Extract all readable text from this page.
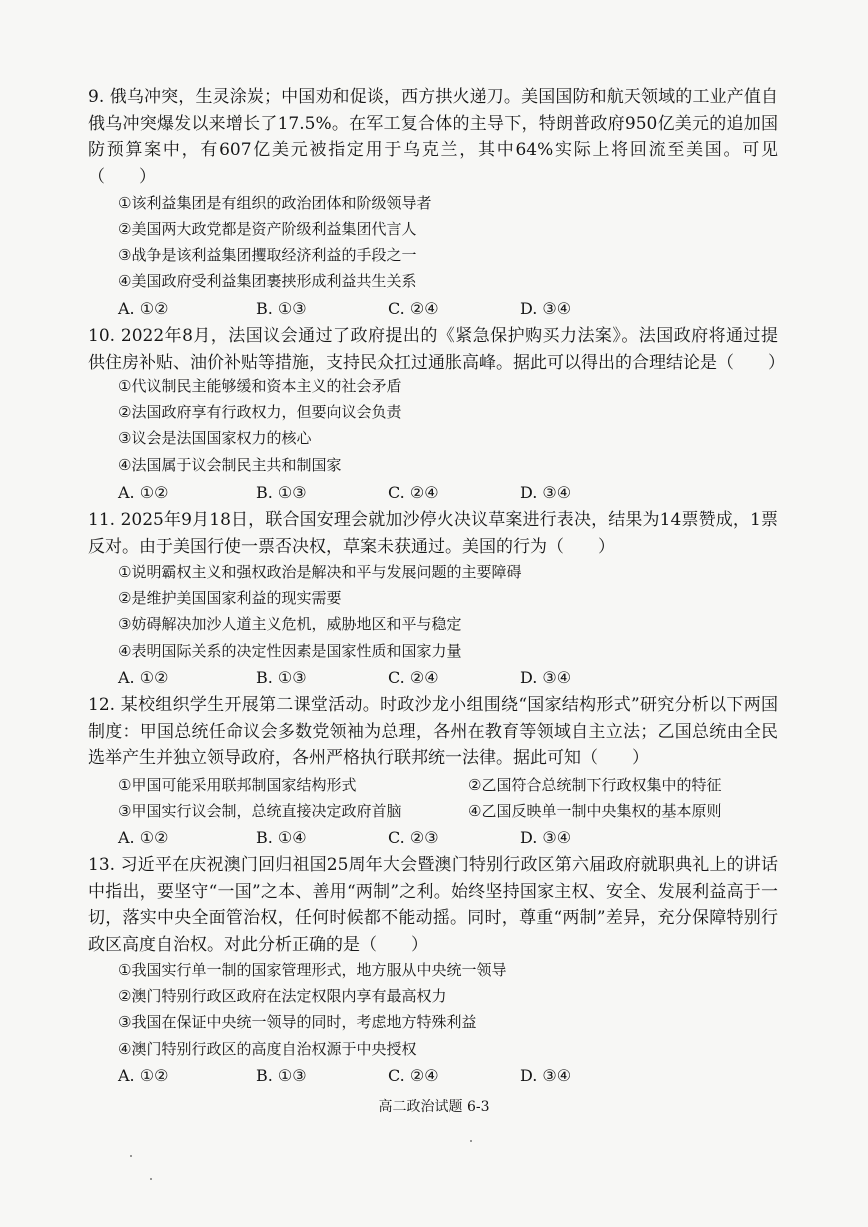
9. 俄乌冲突，生灵涂炭；中国劝和促谈，西方拱火递刀。美国国防和航天领域的工业产值自俄乌冲突爆发以来增长了17.5%。在军工复合体的主导下，特朗普政府950亿美元的追加国防预算案中，有607亿美元被指定用于乌克兰，其中64%实际上将回流至美国。可见（　　）
①该利益集团是有组织的政治团体和阶级领导者
②美国两大政党都是资产阶级利益集团代言人
③战争是该利益集团攫取经济利益的手段之一
④美国政府受利益集团裹挟形成利益共生关系
A. ①②	B. ①③	C. ②④	D. ③④
10. 2022年8月，法国议会通过了政府提出的《紧急保护购买力法案》。法国政府将通过提供住房补贴、油价补贴等措施，支持民众扛过通胀高峰。据此可以得出的合理结论是（　　）
①代议制民主能够缓和资本主义的社会矛盾
②法国政府享有行政权力，但要向议会负责
③议会是法国国家权力的核心
④法国属于议会制民主共和制国家
A. ①②	B. ①③	C. ②④	D. ③④
11. 2025年9月18日，联合国安理会就加沙停火决议草案进行表决，结果为14票赞成，1票反对。由于美国行使一票否决权，草案未获通过。美国的行为（　　）
①说明霸权主义和强权政治是解决和平与发展问题的主要障碍
②是维护美国国家利益的现实需要
③妨碍解决加沙人道主义危机，威胁地区和平与稳定
④表明国际关系的决定性因素是国家性质和国家力量
A. ①②	B. ①③	C. ②④	D. ③④
12. 某校组织学生开展第二课堂活动。时政沙龙小组围绕“国家结构形式”研究分析以下两国制度：甲国总统任命议会多数党领袖为总理，各州在教育等领域自主立法；乙国总统由全民选举产生并独立领导政府，各州严格执行联邦统一法律。据此可知（　　）
①甲国可能采用联邦制国家结构形式	②乙国符合总统制下行政权集中的特征
③甲国实行议会制，总统直接决定政府首脑	④乙国反映单一制中央集权的基本原则
A. ①②	B. ①④	C. ②③	D. ③④
13. 习近平在庆祝澳门回归祖国25周年大会暨澳门特别行政区第六届政府就职典礼上的讲话中指出，要坚守“一国”之本、善用“两制”之利。始终坚持国家主权、安全、发展利益高于一切，落实中央全面管治权，任何时候都不能动摇。同时，尊重“两制”差异，充分保障特别行政区高度自治权。对此分析正确的是（　　）
①我国实行单一制的国家管理形式，地方服从中央统一领导
②澳门特别行政区政府在法定权限内享有最高权力
③我国在保证中央统一领导的同时，考虑地方特殊利益
④澳门特别行政区的高度自治权源于中央授权
A. ①②	B. ①③	C. ②④	D. ③④
高二政治试题 6-3
